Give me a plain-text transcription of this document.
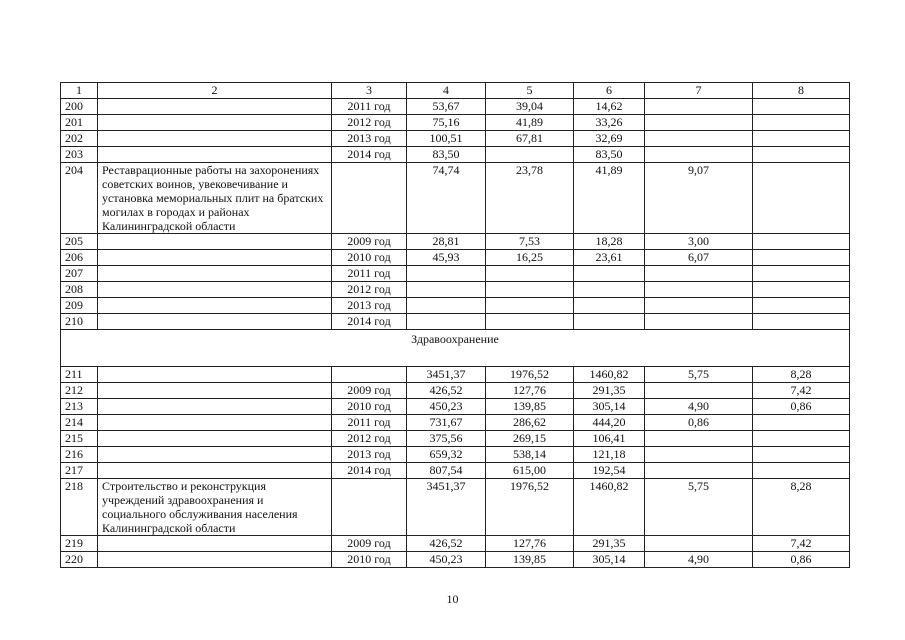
1	2	3	4	5	6	7	8
200		2011 год	53,67	39,04	14,62		
201		2012 год	75,16	41,89	33,26		
202		2013 год	100,51	67,81	32,69		
203		2014 год	83,50		83,50		
204	Реставрационные работы на захоронениях советских воинов, увековечивание и установка мемориальных плит на братских могилах в городах и районах Калининградской области		74,74	23,78	41,89	9,07	
205		2009 год	28,81	7,53	18,28	3,00	
206		2010 год	45,93	16,25	23,61	6,07	
207		2011 год					
208		2012 год					
209		2013 год					
210		2014 год					
Здравоохранение							
211			3451,37	1976,52	1460,82	5,75	8,28
212		2009 год	426,52	127,76	291,35		7,42
213		2010 год	450,23	139,85	305,14	4,90	0,86
214		2011 год	731,67	286,62	444,20	0,86	
215		2012 год	375,56	269,15	106,41		
216		2013 год	659,32	538,14	121,18		
217		2014 год	807,54	615,00	192,54		
218	Строительство и реконструкция учреждений здравоохранения и социального обслуживания населения Калининградской области		3451,37	1976,52	1460,82	5,75	8,28
219		2009 год	426,52	127,76	291,35		7,42
220		2010 год	450,23	139,85	305,14	4,90	0,86
10
